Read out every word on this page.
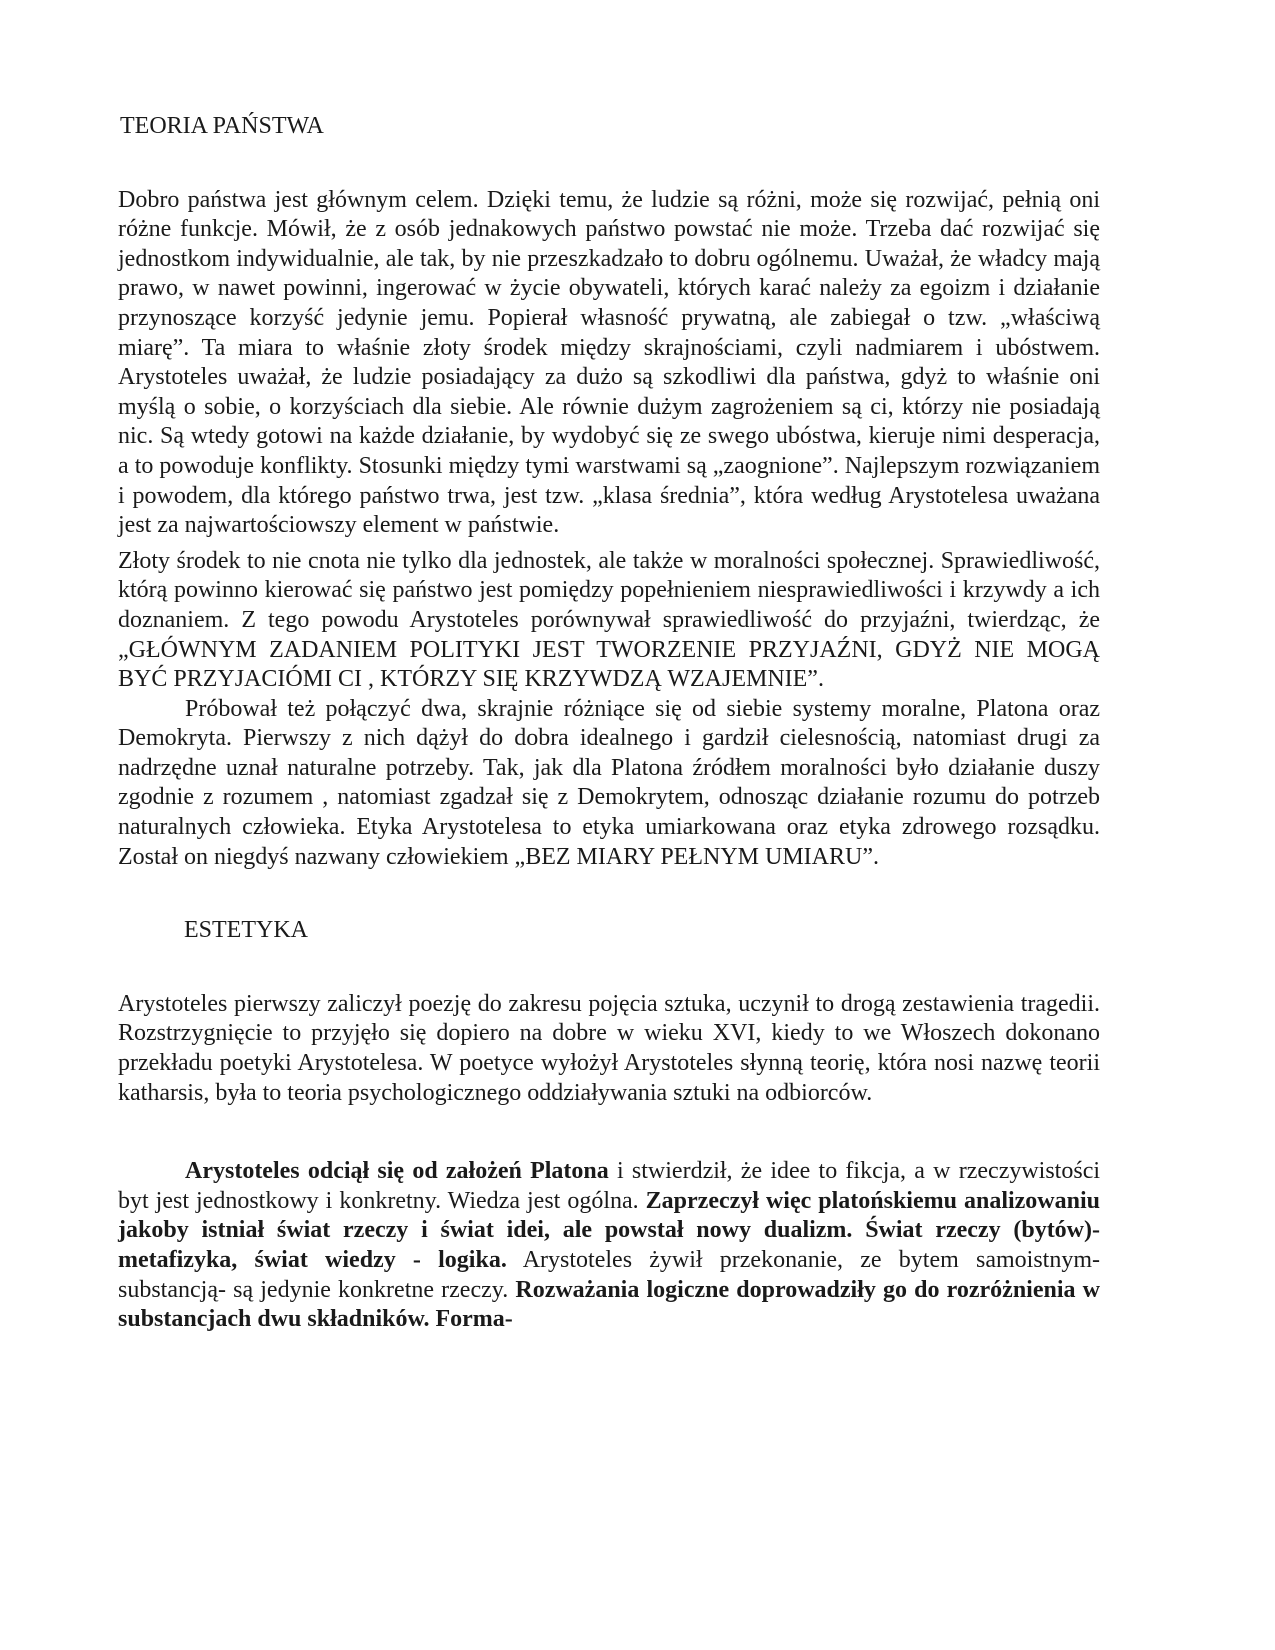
TEORIA PAŃSTWA

Dobro państwa jest głównym celem. Dzięki temu, że ludzie są różni, może się rozwijać, pełnią oni różne funkcje. Mówił, że z osób jednakowych państwo powstać nie może. Trzeba dać rozwijać się jednostkom indywidualnie, ale tak, by nie przeszkadzało to dobru ogólnemu. Uważał, że władcy mają prawo, w nawet powinni, ingerować w życie obywateli, których karać należy za egoizm i działanie przynoszące korzyść jedynie jemu. Popierał własność prywatną, ale zabiegał o tzw. „właściwą miarę”. Ta miara to właśnie złoty środek między skrajnościami, czyli nadmiarem i ubóstwem. Arystoteles uważał, że ludzie posiadający za dużo są szkodliwi dla państwa, gdyż to właśnie oni myślą o sobie, o korzyściach dla siebie. Ale równie dużym zagrożeniem są ci, którzy nie posiadają nic. Są wtedy gotowi na każde działanie, by wydobyć się ze swego ubóstwa, kieruje nimi desperacja, a to powoduje konflikty. Stosunki między tymi warstwami są „zaognione”. Najlepszym rozwiązaniem i powodem, dla którego państwo trwa, jest tzw. „klasa średnia”, która według Arystotelesa uważana jest za najwartościowszy element w państwie.

Złoty środek to nie cnota nie tylko dla jednostek, ale także w moralności społecznej. Sprawiedliwość, którą powinno kierować się państwo jest pomiędzy popełnieniem niesprawiedliwości i krzywdy a ich doznaniem. Z tego powodu Arystoteles porównywał sprawiedliwość do przyjaźni, twierdząc, że „GŁÓWNYM ZADANIEM POLITYKI JEST TWORZENIE PRZYJAŹNI, GDYŻ NIE MOGĄ BYĆ PRZYJACIÓMI CI , KTÓRZY SIĘ KRZYWDZĄ WZAJEMNIE”.

Próbował też połączyć dwa, skrajnie różniące się od siebie systemy moralne, Platona oraz Demokryta. Pierwszy z nich dążył do dobra idealnego i gardził cielesnością, natomiast drugi za nadrzędne uznał naturalne potrzeby. Tak, jak dla Platona źródłem moralności było działanie duszy zgodnie z rozumem , natomiast zgadzał się z Demokrytem, odnosząc działanie rozumu do potrzeb naturalnych człowieka. Etyka Arystotelesa to etyka umiarkowana oraz etyka zdrowego rozsądku. Został on niegdyś nazwany człowiekiem „BEZ MIARY PEŁNYM UMIARU”.

ESTETYKA

Arystoteles pierwszy zaliczył poezję do zakresu pojęcia sztuka, uczynił to drogą zestawienia tragedii. Rozstrzygnięcie to przyjęło się dopiero na dobre w wieku XVI, kiedy to we Włoszech dokonano przekładu poetyki Arystotelesa. W poetyce wyłożył Arystoteles słynną teorię, która nosi nazwę teorii katharsis, była to teoria psychologicznego oddziaływania sztuki na odbiorców.

Arystoteles odciął się od założeń Platona i stwierdził, że idee to fikcja, a w rzeczywistości byt jest jednostkowy i konkretny. Wiedza jest ogólna. Zaprzeczył więc platońskiemu analizowaniu jakoby istniał świat rzeczy i świat idei, ale powstał nowy dualizm. Świat rzeczy (bytów)- metafizyka, świat wiedzy - logika. Arystoteles żywił przekonanie, ze bytem samoistnym- substancją- są jedynie konkretne rzeczy. Rozważania logiczne doprowadziły go do rozróżnienia w substancjach dwu składników. Forma-
